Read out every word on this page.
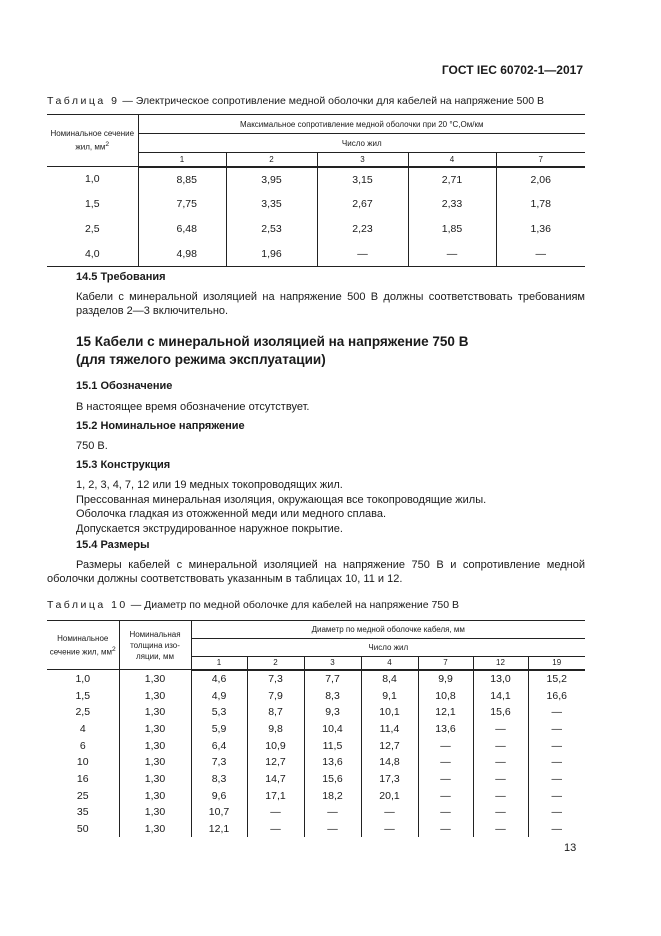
ГОСТ IEC 60702-1—2017
Таблица 9 — Электрическое сопротивление медной оболочки для кабелей на напряжение 500 В
Номинальное сечение жил, $мм^2$	Максимальное сопротивление медной оболочки при 20 °С,Ом/км				
	Число жил				
	1	2	3	4	7
1,0	8,85	3,95	3,15	2,71	2,06
1,5	7,75	3,35	2,67	2,33	1,78
2,5	6,48	2,53	2,23	1,85	1,36
4,0	4,98	1,96	—	—	—
14.5 Требования
Кабели с минеральной изоляцией на напряжение 500 В должны соответствовать требованиям разделов 2—3 включительно.
15 Кабели с минеральной изоляцией на напряжение 750 В
(для тяжелого режима эксплуатации)
15.1 Обозначение
В настоящее время обозначение отсутствует.
15.2 Номинальное напряжение
750 В.
15.3 Конструкция
1, 2, 3, 4, 7, 12 или 19 медных токопроводящих жил.
Прессованная минеральная изоляция, окружающая все токопроводящие жилы.
Оболочка гладкая из отожженной меди или медного сплава.
Допускается экструдированное наружное покрытие.
15.4 Размеры
Размеры кабелей с минеральной изоляцией на напряжение 750 В и сопротивление медной оболочки должны соответствовать указанным в таблицах 10, 11 и 12.
Таблица 10 — Диаметр по медной оболочке для кабелей на напряжение 750 В
Номинальное сечение жил, $мм^2$	Номинальная толщина изо-ляции, мм	Диаметр по медной оболочке кабеля, мм						
		Число жил						
		1	2	3	4	7	12	19
1,0	1,30	4,6	7,3	7,7	8,4	9,9	13,0	15,2
1,5	1,30	4,9	7,9	8,3	9,1	10,8	14,1	16,6
2,5	1,30	5,3	8,7	9,3	10,1	12,1	15,6	—
4	1,30	5,9	9,8	10,4	11,4	13,6	—	—
6	1,30	6,4	10,9	11,5	12,7	—	—	—
10	1,30	7,3	12,7	13,6	14,8	—	—	—
16	1,30	8,3	14,7	15,6	17,3	—	—	—
25	1,30	9,6	17,1	18,2	20,1	—	—	—
35	1,30	10,7	—	—	—	—	—	—
50	1,30	12,1	—	—	—	—	—	—
13
